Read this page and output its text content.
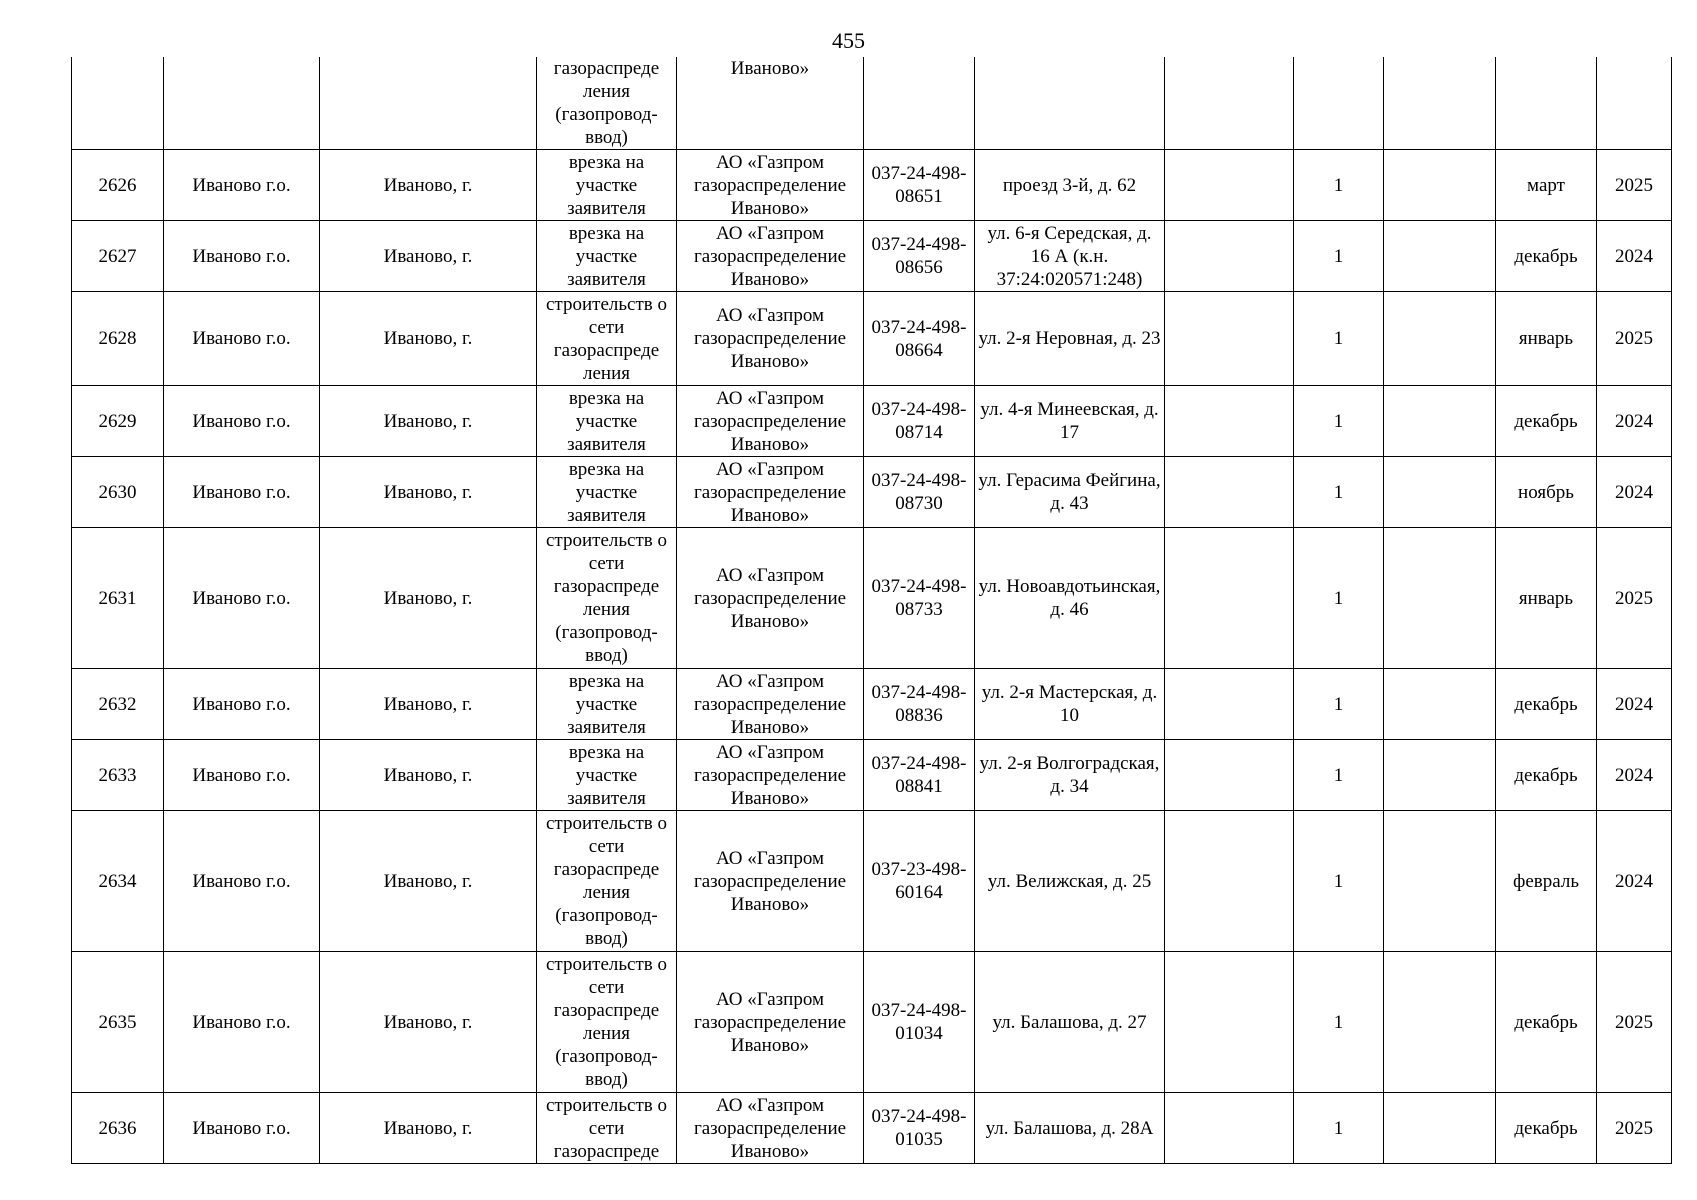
455
			газораспреде ления (газопровод-ввод)	Иваново»							
2626	Иваново г.о.	Иваново, г.	врезка на участке заявителя	АО «Газпром газораспределение Иваново»	037-24-498-08651	проезд 3-й, д. 62		1		март	2025
2627	Иваново г.о.	Иваново, г.	врезка на участке заявителя	АО «Газпром газораспределение Иваново»	037-24-498-08656	ул. 6-я Середская, д. 16 А (к.н. 37:24:020571:248)		1		декабрь	2024
2628	Иваново г.о.	Иваново, г.	строительств о сети газораспреде ления	АО «Газпром газораспределение Иваново»	037-24-498-08664	ул. 2-я Неровная, д. 23		1		январь	2025
2629	Иваново г.о.	Иваново, г.	врезка на участке заявителя	АО «Газпром газораспределение Иваново»	037-24-498-08714	ул. 4-я Минеевская, д. 17		1		декабрь	2024
2630	Иваново г.о.	Иваново, г.	врезка на участке заявителя	АО «Газпром газораспределение Иваново»	037-24-498-08730	ул. Герасима Фейгина, д. 43		1		ноябрь	2024
2631	Иваново г.о.	Иваново, г.	строительств о сети газораспреде ления (газопровод-ввод)	АО «Газпром газораспределение Иваново»	037-24-498-08733	ул. Новоавдотьинская, д. 46		1		январь	2025
2632	Иваново г.о.	Иваново, г.	врезка на участке заявителя	АО «Газпром газораспределение Иваново»	037-24-498-08836	ул. 2-я Мастерская, д. 10		1		декабрь	2024
2633	Иваново г.о.	Иваново, г.	врезка на участке заявителя	АО «Газпром газораспределение Иваново»	037-24-498-08841	ул. 2-я Волгоградская, д. 34		1		декабрь	2024
2634	Иваново г.о.	Иваново, г.	строительств о сети газораспреде ления (газопровод-ввод)	АО «Газпром газораспределение Иваново»	037-23-498-60164	ул. Велижская, д. 25		1		февраль	2024
2635	Иваново г.о.	Иваново, г.	строительств о сети газораспреде ления (газопровод-ввод)	АО «Газпром газораспределение Иваново»	037-24-498-01034	ул. Балашова, д. 27		1		декабрь	2025
2636	Иваново г.о.	Иваново, г.	строительств о сети газораспреде	АО «Газпром газораспределение Иваново»	037-24-498-01035	ул. Балашова, д. 28А		1		декабрь	2025
